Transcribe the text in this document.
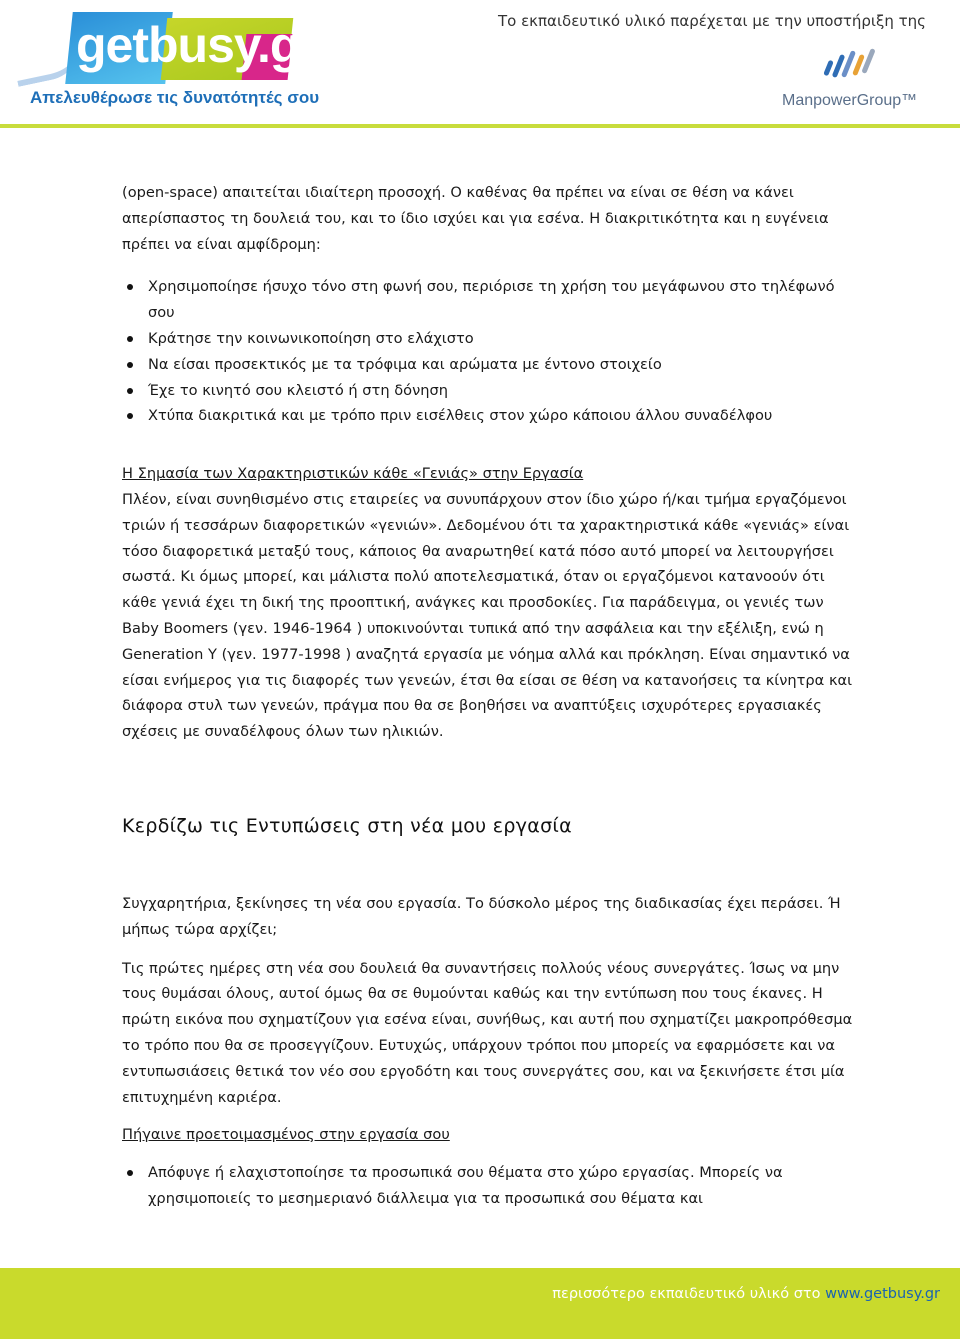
getbusy.gr
Απελευθέρωσε τις δυνατότητές σου
Το εκπαιδευτικό υλικό παρέχεται με την υποστήριξη της
ManpowerGroup™

(open-space) απαιτείται ιδιαίτερη προσοχή. Ο καθένας θα πρέπει να είναι σε θέση να κάνει απερίσπαστος τη δουλειά του, και το ίδιο ισχύει και για εσένα. Η διακριτικότητα και η ευγένεια πρέπει να είναι αμφίδρομη:

Χρησιμοποίησε ήσυχο τόνο στη φωνή σου, περιόρισε τη χρήση του μεγάφωνου στο τηλέφωνό σου
Κράτησε την κοινωνικοποίηση στο ελάχιστο
Να είσαι προσεκτικός με τα τρόφιμα και αρώματα με έντονο στοιχείο
Έχε το κινητό σου κλειστό ή στη δόνηση
Χτύπα διακριτικά και με τρόπο πριν εισέλθεις στον χώρο κάποιου άλλου συναδέλφου

Η Σημασία των Χαρακτηριστικών κάθε «Γενιάς» στην Εργασία

Πλέον, είναι συνηθισμένο στις εταιρείες να συνυπάρχουν στον ίδιο χώρο ή/και τμήμα εργαζόμενοι τριών ή τεσσάρων διαφορετικών «γενιών». Δεδομένου ότι τα χαρακτηριστικά κάθε «γενιάς» είναι τόσο διαφορετικά μεταξύ τους, κάποιος θα αναρωτηθεί κατά πόσο αυτό μπορεί να λειτουργήσει σωστά. Κι όμως μπορεί, και μάλιστα πολύ αποτελεσματικά, όταν οι εργαζόμενοι κατανοούν ότι κάθε γενιά έχει τη δική της προοπτική, ανάγκες και προσδοκίες. Για παράδειγμα, οι γενιές των Baby Boomers (γεν. 1946-1964 ) υποκινούνται τυπικά από την ασφάλεια και την εξέλιξη, ενώ η Generation Y (γεν. 1977-1998 ) αναζητά εργασία με νόημα αλλά και πρόκληση. Είναι σημαντικό να είσαι ενήμερος για τις διαφορές των γενεών, έτσι θα είσαι σε θέση να κατανοήσεις τα κίνητρα και διάφορα στυλ των γενεών, πράγμα που θα σε βοηθήσει να αναπτύξεις ισχυρότερες εργασιακές σχέσεις με συναδέλφους όλων των ηλικιών.

Κερδίζω τις Εντυπώσεις στη νέα μου εργασία

Συγχαρητήρια, ξεκίνησες τη νέα σου εργασία. Το δύσκολο μέρος της διαδικασίας έχει περάσει. Ή μήπως τώρα αρχίζει;

Τις πρώτες ημέρες στη νέα σου δουλειά θα συναντήσεις πολλούς νέους συνεργάτες. Ίσως να μην τους θυμάσαι όλους, αυτοί όμως θα σε θυμούνται καθώς και την εντύπωση που τους έκανες. Η πρώτη εικόνα που σχηματίζουν για εσένα είναι, συνήθως, και αυτή που σχηματίζει μακροπρόθεσμα το τρόπο που θα σε προσεγγίζουν. Ευτυχώς, υπάρχουν τρόποι που μπορείς να εφαρμόσετε και να εντυπωσιάσεις θετικά τον νέο σου εργοδότη και τους συνεργάτες σου, και να ξεκινήσετε έτσι μία επιτυχημένη καριέρα.

Πήγαινε προετοιμασμένος στην εργασία σου

Απόφυγε ή ελαχιστοποίησε τα προσωπικά σου θέματα στο χώρο εργασίας. Μπορείς να χρησιμοποιείς το μεσημεριανό διάλλειμα για τα προσωπικά σου θέματα και
περισσότερο εκπαιδευτικό υλικό στο www.getbusy.gr
